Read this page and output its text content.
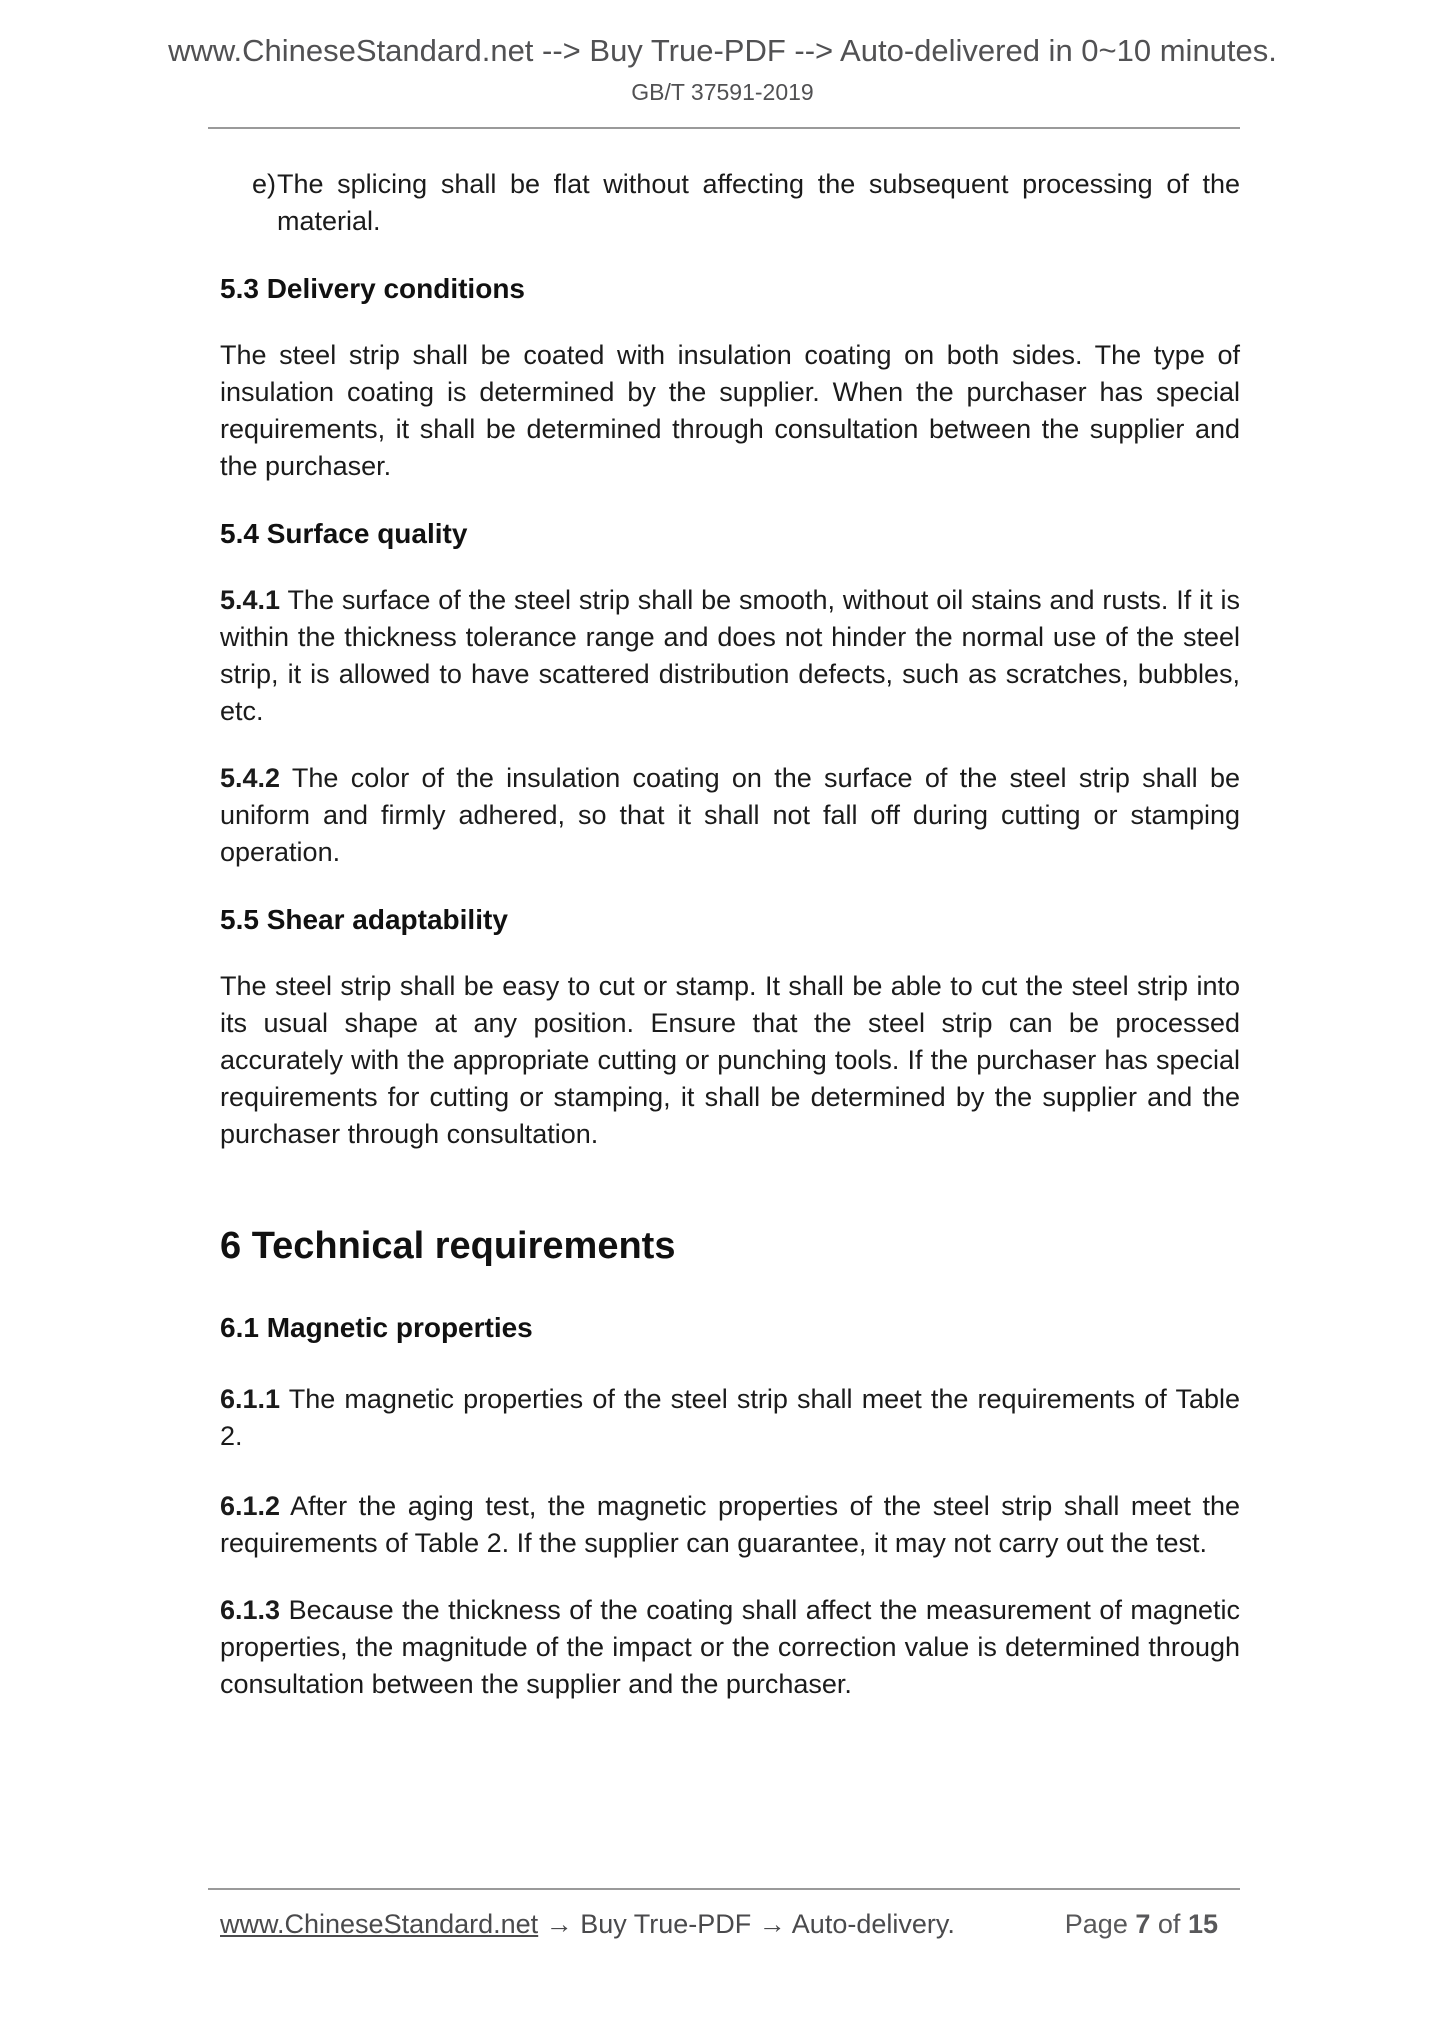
www.ChineseStandard.net --> Buy True-PDF --> Auto-delivered in 0~10 minutes.
GB/T 37591-2019
e) The splicing shall be flat without affecting the subsequent processing of the material.
5.3 Delivery conditions

The steel strip shall be coated with insulation coating on both sides. The type of insulation coating is determined by the supplier. When the purchaser has special requirements, it shall be determined through consultation between the supplier and the purchaser.

5.4 Surface quality

5.4.1 The surface of the steel strip shall be smooth, without oil stains and rusts. If it is within the thickness tolerance range and does not hinder the normal use of the steel strip, it is allowed to have scattered distribution defects, such as scratches, bubbles, etc.

5.4.2 The color of the insulation coating on the surface of the steel strip shall be uniform and firmly adhered, so that it shall not fall off during cutting or stamping operation.

5.5 Shear adaptability

The steel strip shall be easy to cut or stamp. It shall be able to cut the steel strip into its usual shape at any position. Ensure that the steel strip can be processed accurately with the appropriate cutting or punching tools. If the purchaser has special requirements for cutting or stamping, it shall be determined by the supplier and the purchaser through consultation.

6 Technical requirements
6.1 Magnetic properties

6.1.1 The magnetic properties of the steel strip shall meet the requirements of Table 2.

6.1.2 After the aging test, the magnetic properties of the steel strip shall meet the requirements of Table 2. If the supplier can guarantee, it may not carry out the test.

6.1.3 Because the thickness of the coating shall affect the measurement of magnetic properties, the magnitude of the impact or the correction value is determined through consultation between the supplier and the purchaser.

www.ChineseStandard.net → Buy True-PDF → Auto-delivery.	Page 7 of 15
